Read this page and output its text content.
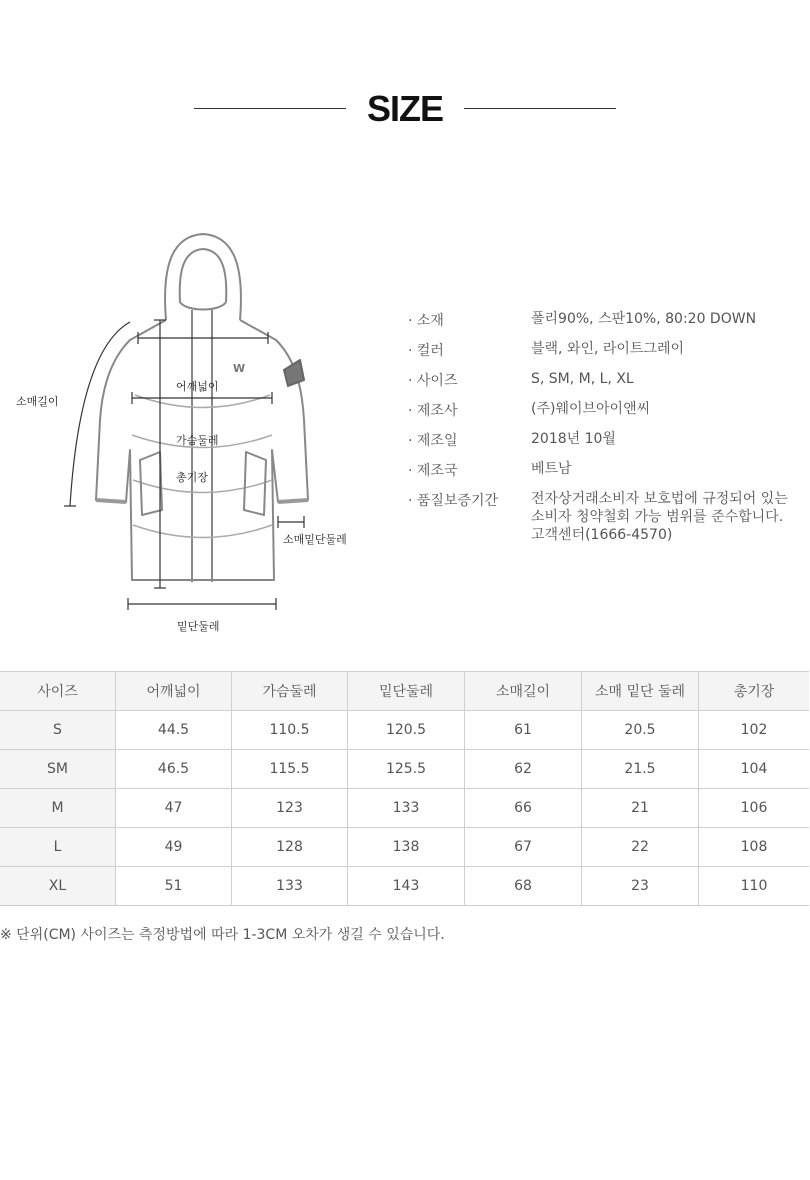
SIZE
W
소매길이
어깨넓이
가슴둘레
총기장
소매밑단둘레
밑단둘레
· 소재	폴리90%, 스판10%, 80:20 DOWN
· 컬러	블랙, 와인, 라이트그레이
· 사이즈	S, SM, M, L, XL
· 제조사	(주)웨이브아이앤씨
· 제조일	2018년 10월
· 제조국	베트남
· 품질보증기간 전자상거래소비자 보호법에 규정되어 있는 소비자 청약철회 가능 범위를 준수합니다. 고객센터(1666-4570)
사이즈	어깨넓이	가슴둘레	밑단둘레	소매길이	소매 밑단 둘레	총기장
S	44.5	110.5	120.5	61	20.5	102
SM	46.5	115.5	125.5	62	21.5	104
M	47	123	133	66	21	106
L	49	128	138	67	22	108
XL	51	133	143	68	23	110
※ 단위(CM) 사이즈는 측정방법에 따라 1-3CM 오차가 생길 수 있습니다.
